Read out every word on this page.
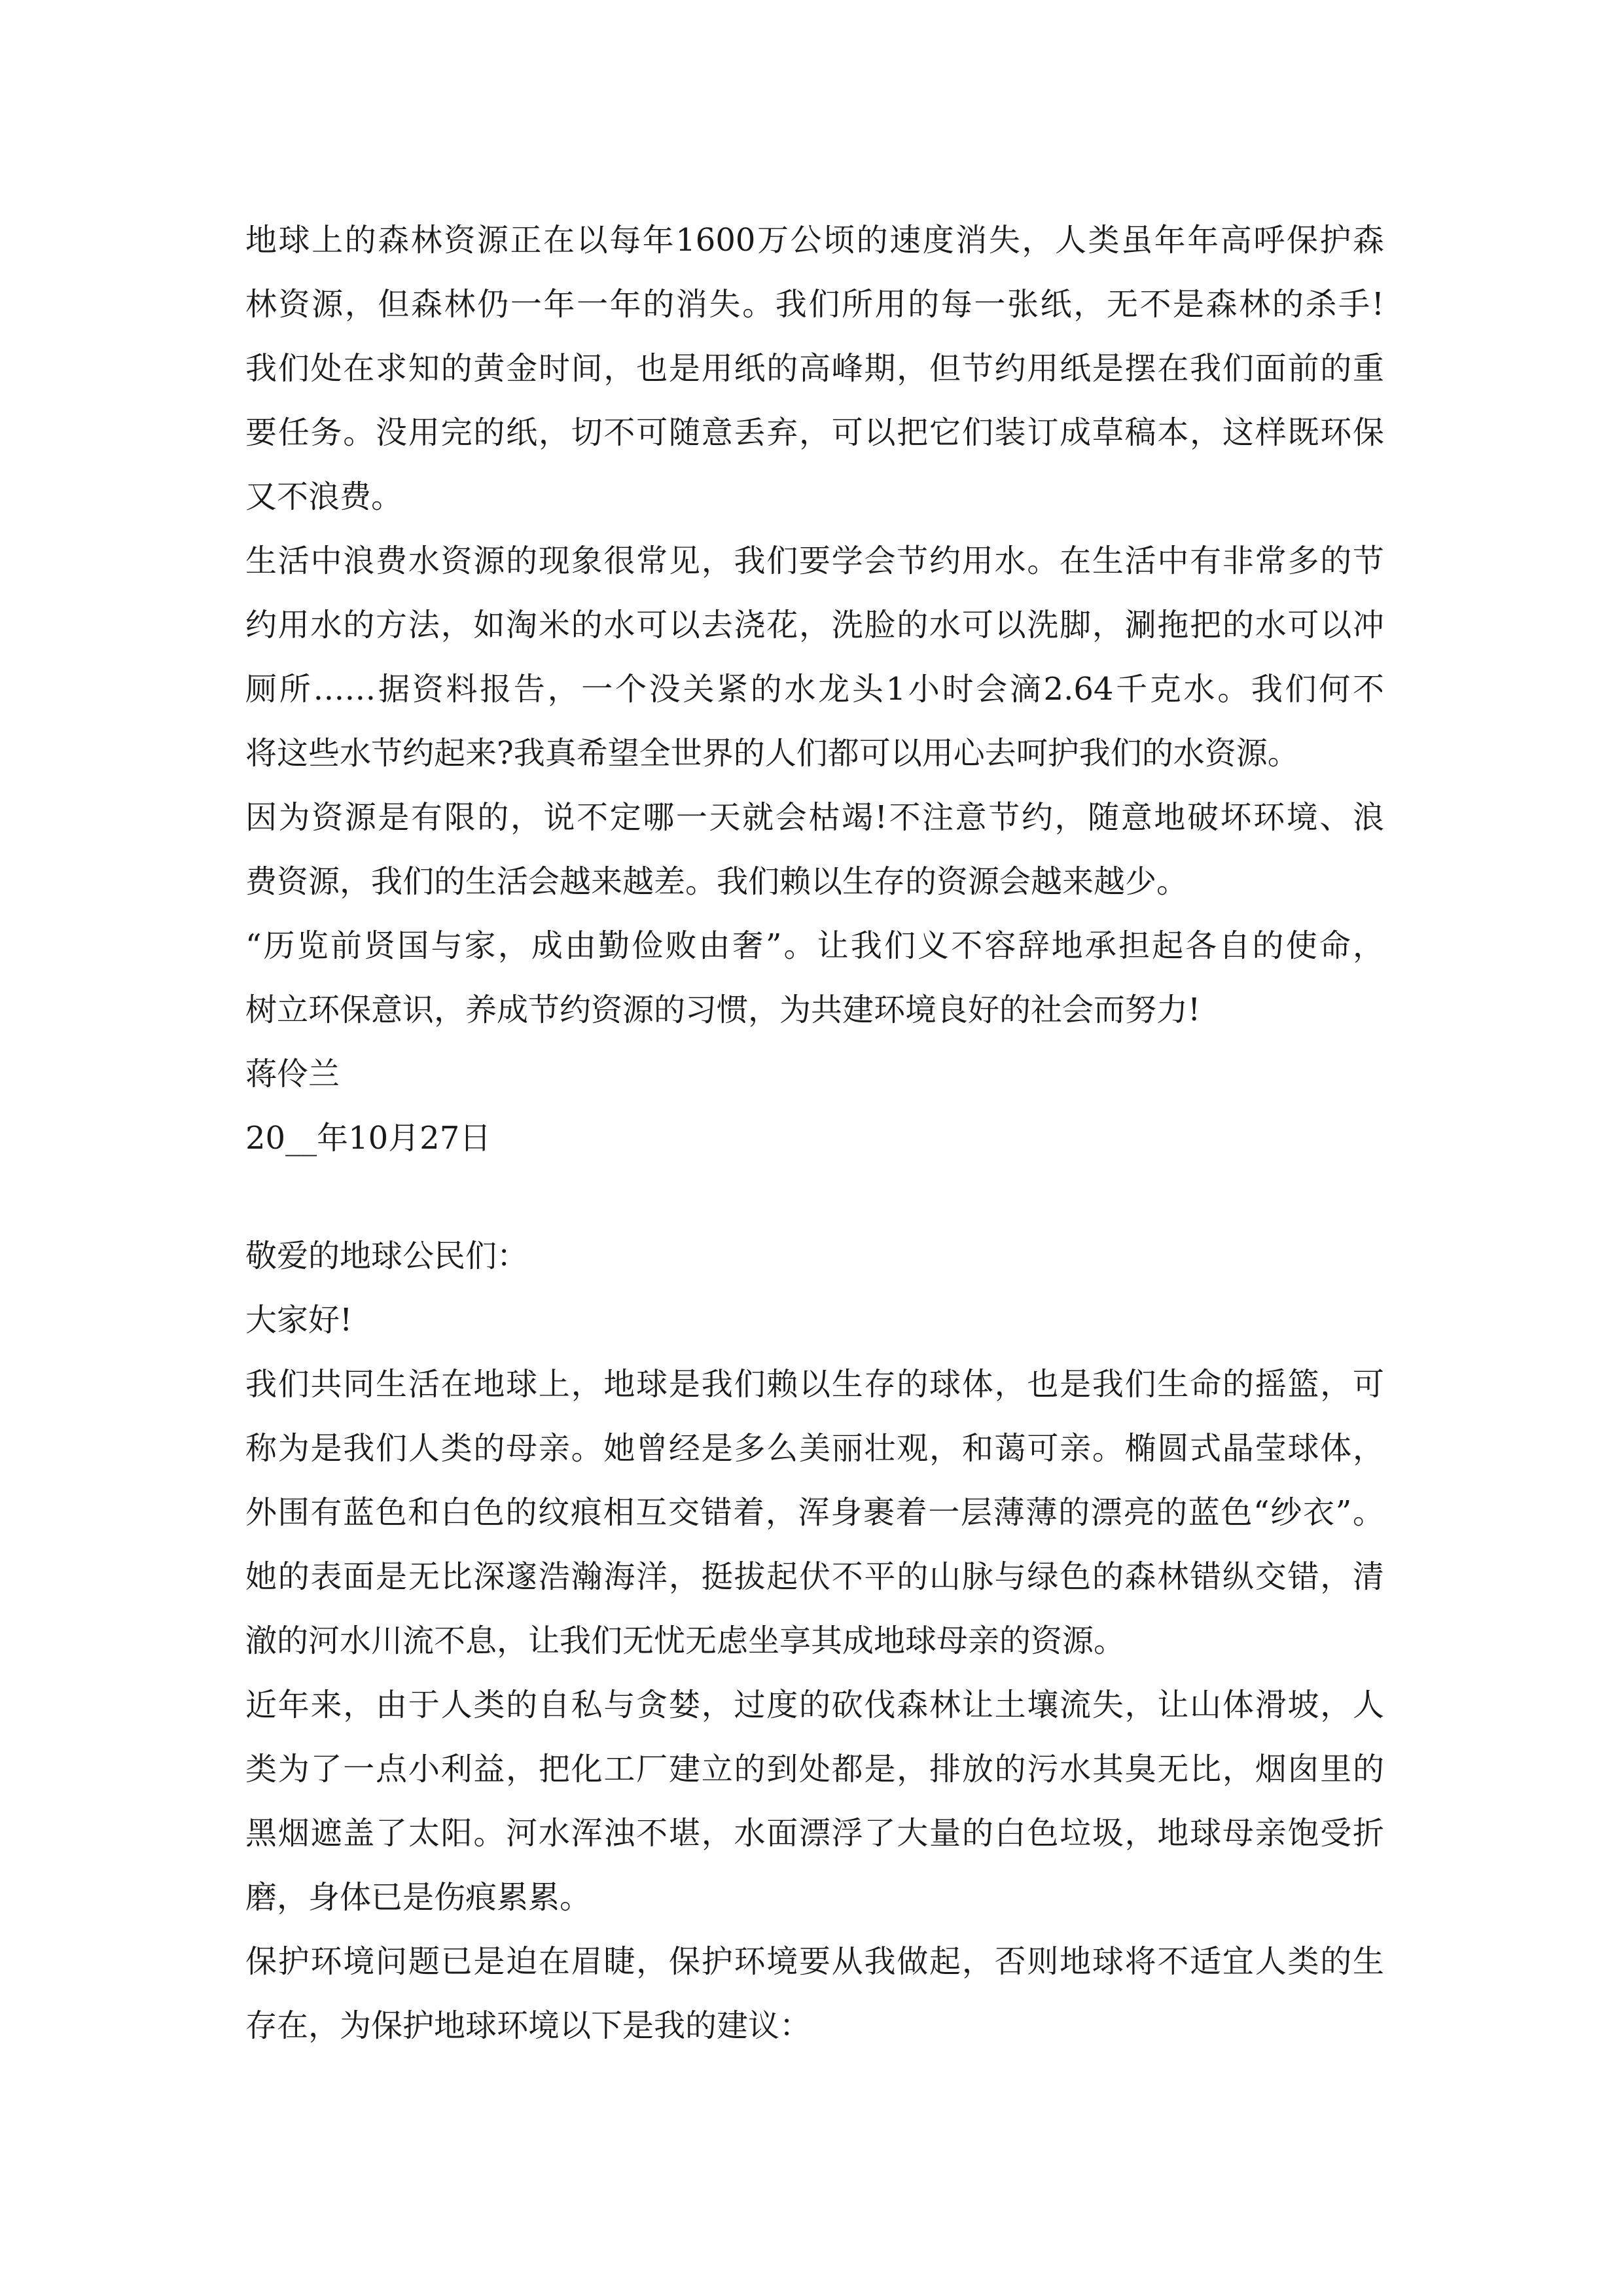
地球上的森林资源正在以每年1600万公顷的速度消失，人类虽年年高呼保护森
林资源，但森林仍一年一年的消失。我们所用的每一张纸，无不是森林的杀手!
我们处在求知的黄金时间，也是用纸的高峰期，但节约用纸是摆在我们面前的重
要任务。没用完的纸，切不可随意丢弃，可以把它们装订成草稿本，这样既环保
又不浪费。
生活中浪费水资源的现象很常见，我们要学会节约用水。在生活中有非常多的节
约用水的方法，如淘米的水可以去浇花，洗脸的水可以洗脚，涮拖把的水可以冲
厕所……据资料报告，一个没关紧的水龙头1小时会滴2.64千克水。我们何不
将这些水节约起来?我真希望全世界的人们都可以用心去呵护我们的水资源。
因为资源是有限的，说不定哪一天就会枯竭!不注意节约，随意地破坏环境、浪
费资源，我们的生活会越来越差。我们赖以生存的资源会越来越少。
“历览前贤国与家，成由勤俭败由奢”。让我们义不容辞地承担起各自的使命，
树立环保意识，养成节约资源的习惯，为共建环境良好的社会而努力!
蒋伶兰
20__年10月27日
敬爱的地球公民们：
大家好!
我们共同生活在地球上，地球是我们赖以生存的球体，也是我们生命的摇篮，可
称为是我们人类的母亲。她曾经是多么美丽壮观，和蔼可亲。椭圆式晶莹球体，
外围有蓝色和白色的纹痕相互交错着，浑身裹着一层薄薄的漂亮的蓝色“纱衣”。
她的表面是无比深邃浩瀚海洋，挺拔起伏不平的山脉与绿色的森林错纵交错，清
澈的河水川流不息，让我们无忧无虑坐享其成地球母亲的资源。
近年来，由于人类的自私与贪婪，过度的砍伐森林让土壤流失，让山体滑坡，人
类为了一点小利益，把化工厂建立的到处都是，排放的污水其臭无比，烟囱里的
黑烟遮盖了太阳。河水浑浊不堪，水面漂浮了大量的白色垃圾，地球母亲饱受折
磨，身体已是伤痕累累。
保护环境问题已是迫在眉睫，保护环境要从我做起，否则地球将不适宜人类的生
存在，为保护地球环境以下是我的建议：
